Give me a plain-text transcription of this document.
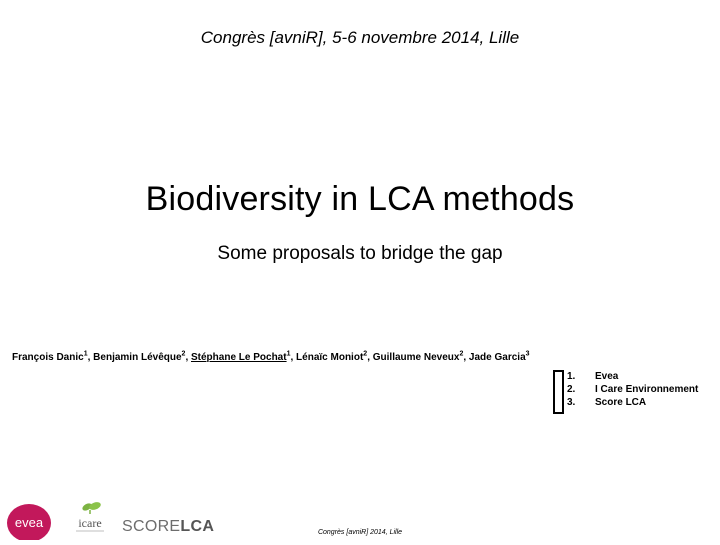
Congrès [avniR], 5-6 novembre 2014, Lille
Biodiversity in LCA methods
Some proposals to bridge the gap
François Danic$^1$, Benjamin Lévêque$^2$, Stéphane Le Pochat$^1$, Lénaïc Moniot$^2$, Guillaume Neveux$^2$, Jade Garcia$^3$
1. Evea
2. I Care Environnement
3. Score LCA
evea	icare SCORELCA	Congrès [avniR] 2014, Lille
